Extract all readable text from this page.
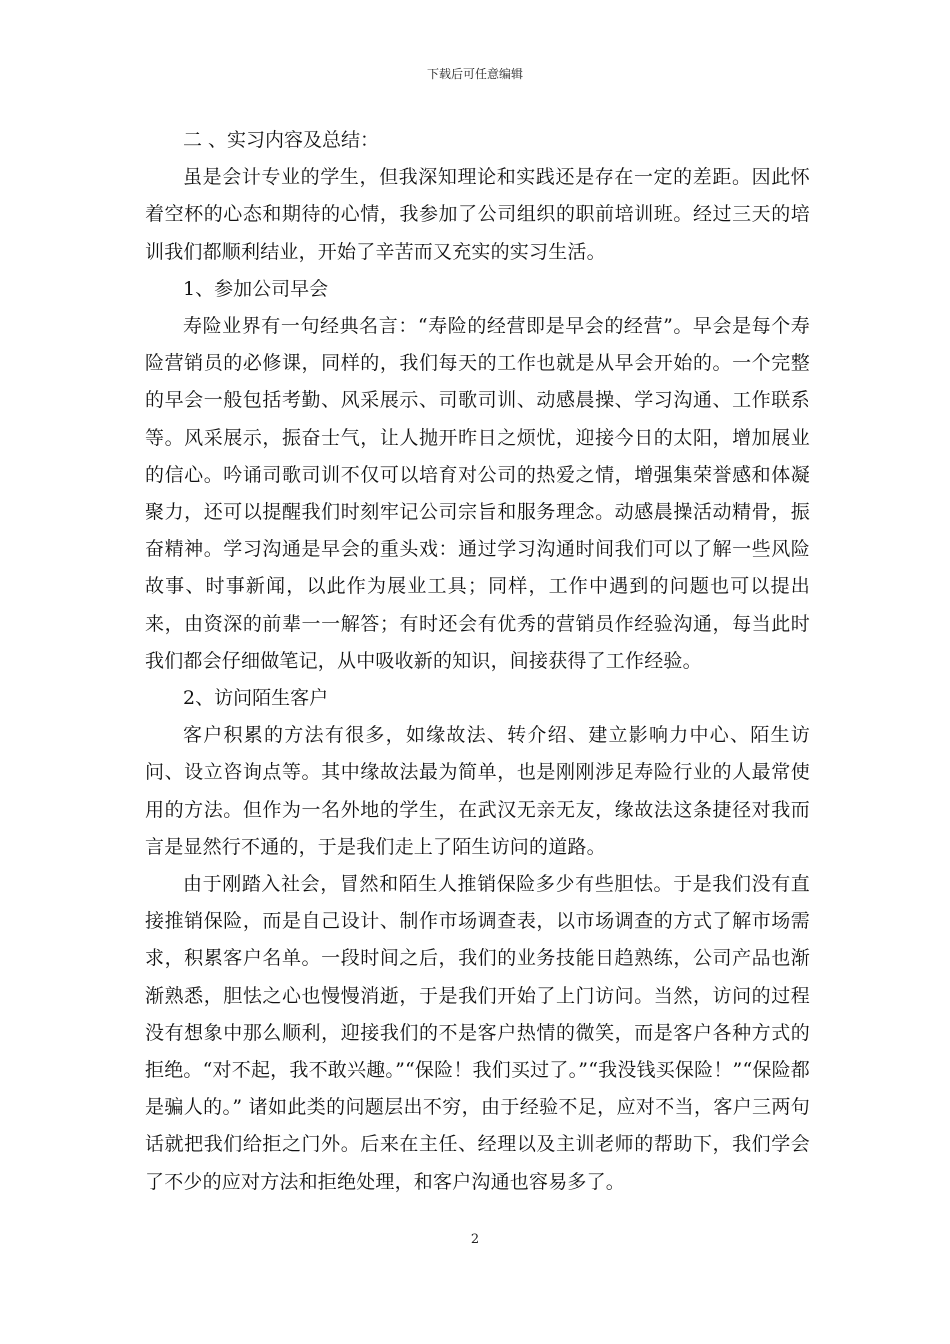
下载后可任意编辑

二 、实习内容及总结：

虽是会计专业的学生，但我深知理论和实践还是存在一定的差距。因此怀着空杯的心态和期待的心情，我参加了公司组织的职前培训班。经过三天的培训我们都顺利结业，开始了辛苦而又充实的实习生活。

1、参加公司早会

寿险业界有一句经典名言：“寿险的经营即是早会的经营”。早会是每个寿险营销员的必修课，同样的，我们每天的工作也就是从早会开始的。一个完整的早会一般包括考勤、风采展示、司歌司训、动感晨操、学习沟通、工作联系等。风采展示，振奋士气，让人抛开昨日之烦忧，迎接今日的太阳，增加展业的信心。吟诵司歌司训不仅可以培育对公司的热爱之情，增强集荣誉感和体凝聚力，还可以提醒我们时刻牢记公司宗旨和服务理念。动感晨操活动精骨，振奋精神。学习沟通是早会的重头戏：通过学习沟通时间我们可以了解一些风险故事、时事新闻，以此作为展业工具；同样，工作中遇到的问题也可以提出来，由资深的前辈一一解答；有时还会有优秀的营销员作经验沟通，每当此时我们都会仔细做笔记，从中吸收新的知识，间接获得了工作经验。

2、访问陌生客户

客户积累的方法有很多，如缘故法、转介绍、建立影响力中心、陌生访问、设立咨询点等。其中缘故法最为简单，也是刚刚涉足寿险行业的人最常使用的方法。但作为一名外地的学生，在武汉无亲无友，缘故法这条捷径对我而言是显然行不通的，于是我们走上了陌生访问的道路。

由于刚踏入社会，冒然和陌生人推销保险多少有些胆怯。于是我们没有直接推销保险，而是自己设计、制作市场调查表，以市场调查的方式了解市场需求，积累客户名单。一段时间之后，我们的业务技能日趋熟练，公司产品也渐渐熟悉，胆怯之心也慢慢消逝，于是我们开始了上门访问。当然，访问的过程没有想象中那么顺利，迎接我们的不是客户热情的微笑，而是客户各种方式的拒绝。“对不起，我不敢兴趣。”“保险！我们买过了。”“我没钱买保险！”“保险都是骗人的。” 诸如此类的问题层出不穷，由于经验不足，应对不当，客户三两句话就把我们给拒之门外。后来在主任、经理以及主训老师的帮助下，我们学会了不少的应对方法和拒绝处理，和客户沟通也容易多了。

2
